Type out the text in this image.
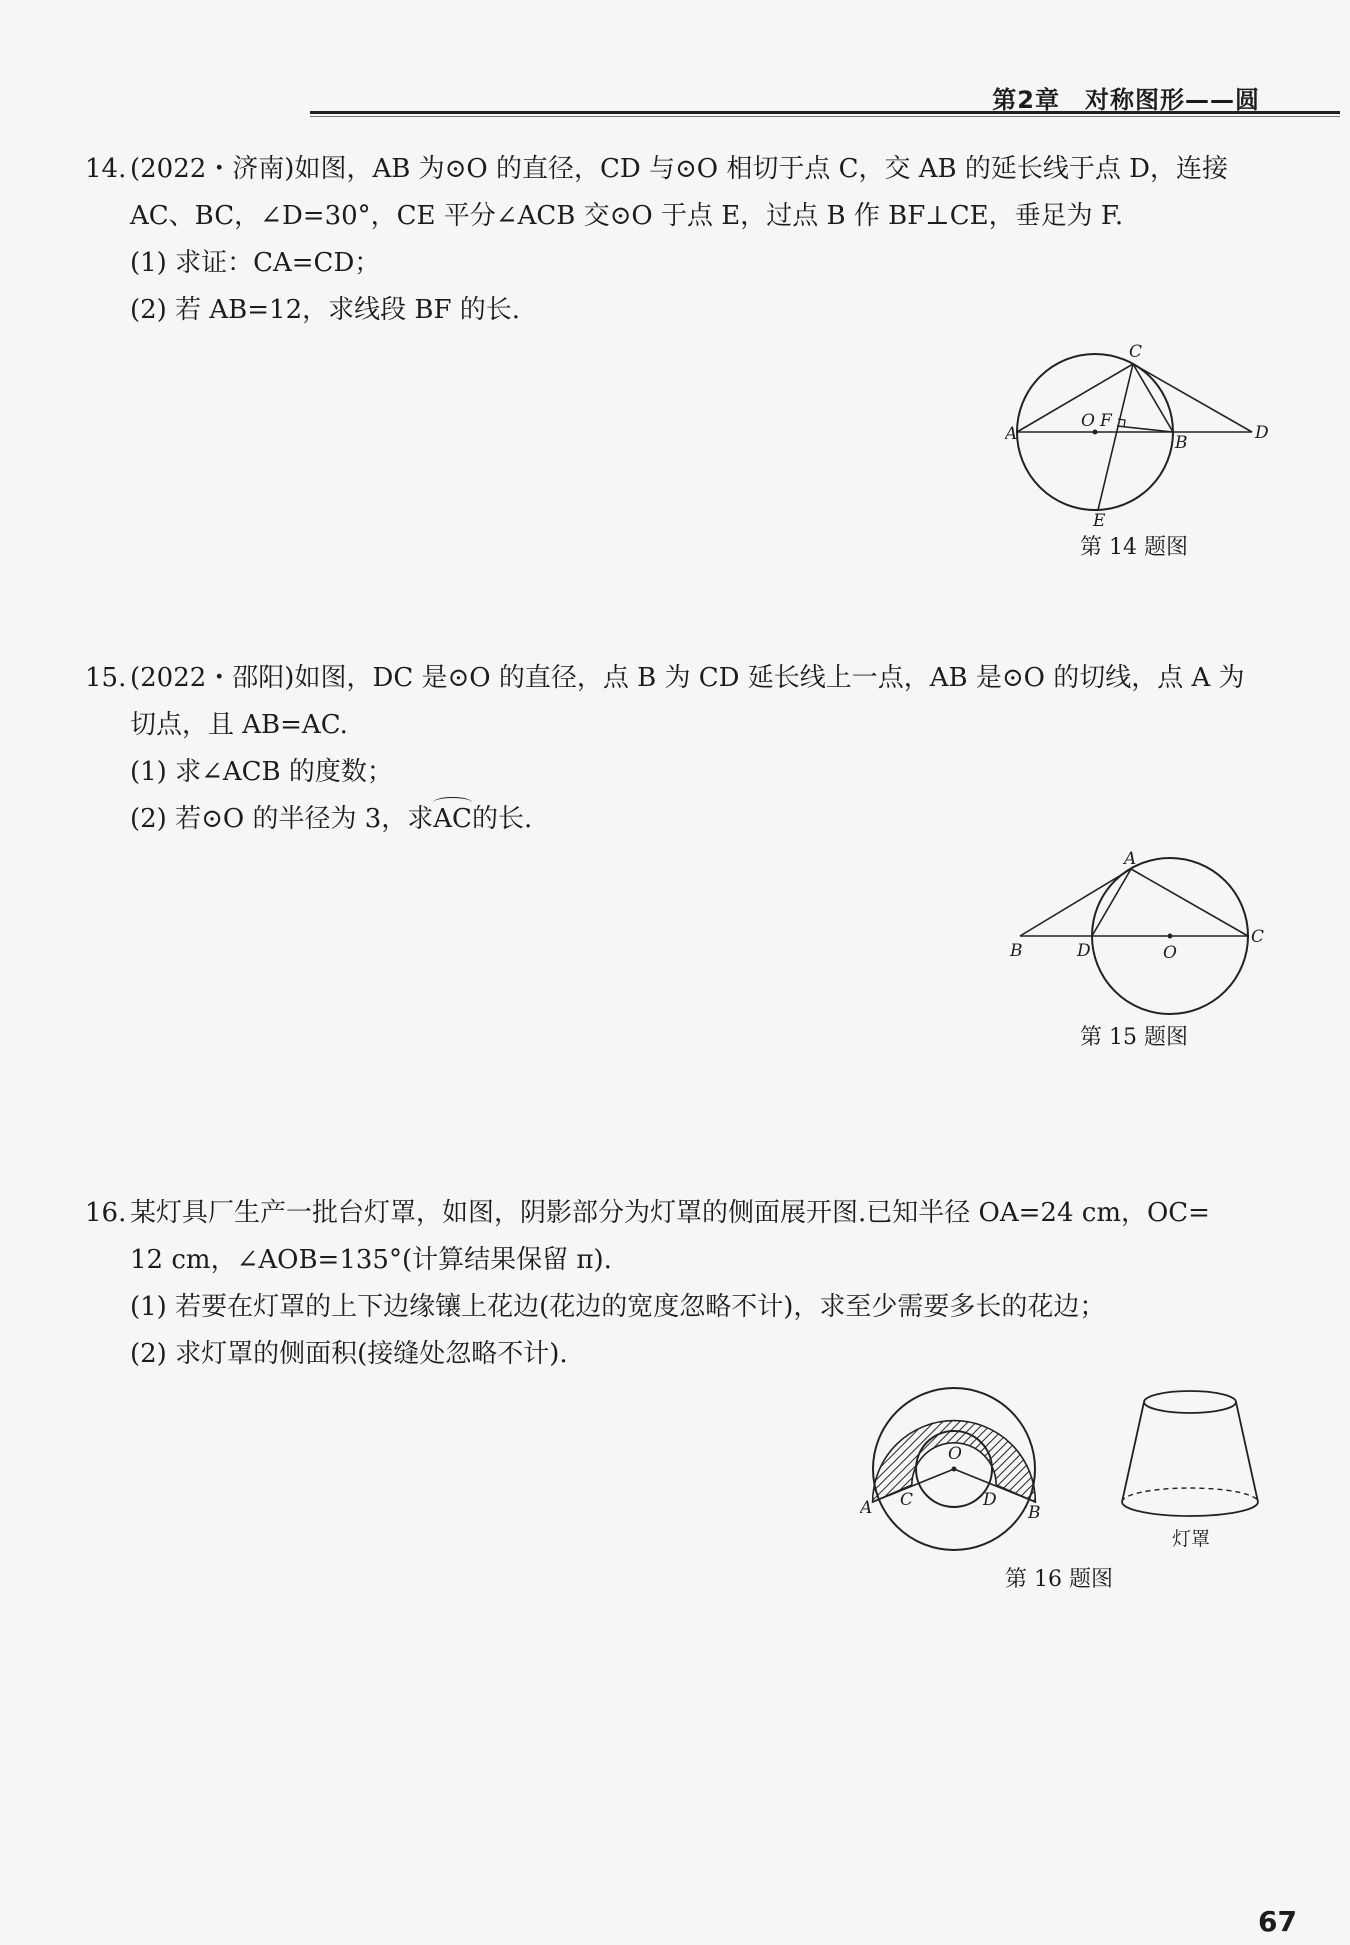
第2章　对称图形——圆

14. (2022・济南)如图，AB 为⊙O 的直径，CD 与⊙O 相切于点 C，交 AB 的延长线于点 D，连接

AC、BC，∠D=30°，CE 平分∠ACB 交⊙O 于点 E，过点 B 作 BF⊥CE，垂足为 F.

(1) 求证：CA=CD；

(2) 若 AB=12，求线段 BF 的长.

C
O F
A	B	D
E
第 14 题图

15. (2022・邵阳)如图，DC 是⊙O 的直径，点 B 为 CD 延长线上一点，AB 是⊙O 的切线，点 A 为

切点，且 AB=AC.

(1) 求∠ACB 的度数；

(2) 若⊙O 的半径为 3，求AC的长.

A
B	D	O
C
第 15 题图

16. 某灯具厂生产一批台灯罩，如图，阴影部分为灯罩的侧面展开图.已知半径 OA=24 cm，OC=

12 cm，∠AOB=135°(计算结果保留 π).

(1) 若要在灯罩的上下边缘镶上花边(花边的宽度忽略不计)，求至少需要多长的花边；

(2) 求灯罩的侧面积(接缝处忽略不计).

O
A C	D
B
灯罩
第 16 题图
67
